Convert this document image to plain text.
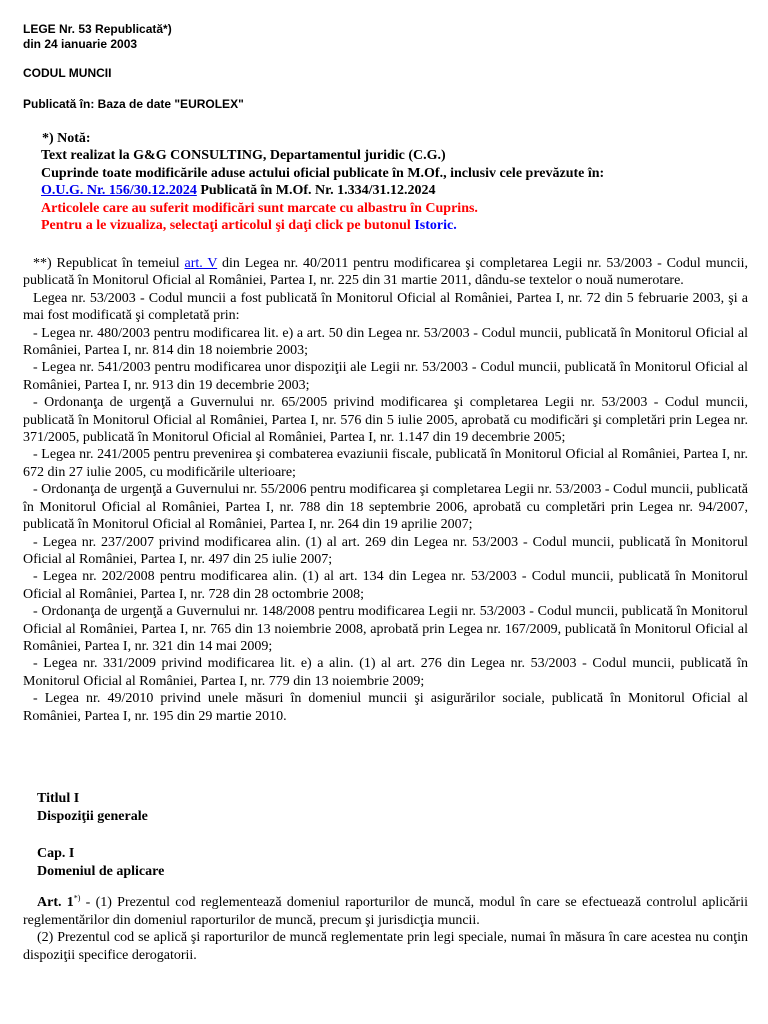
LEGE Nr. 53 Republicată*)
din 24 ianuarie 2003
CODUL MUNCII
Publicată în: Baza de date "EUROLEX"
*) Notă:
Text realizat la G&G CONSULTING, Departamentul juridic (C.G.)
Cuprinde toate modificările aduse actului oficial publicate în M.Of., inclusiv cele prevăzute în:
O.U.G. Nr. 156/30.12.2024 Publicată în M.Of. Nr. 1.334/31.12.2024
Articolele care au suferit modificări sunt marcate cu albastru în Cuprins.
Pentru a le vizualiza, selectaţi articolul şi daţi click pe butonul Istoric.

**) Republicat în temeiul art. V din Legea nr. 40/2011 pentru modificarea şi completarea Legii nr. 53/2003 - Codul muncii, publicată în Monitorul Oficial al României, Partea I, nr. 225 din 31 martie 2011, dându-se textelor o nouă numerotare.

Legea nr. 53/2003 - Codul muncii a fost publicată în Monitorul Oficial al României, Partea I, nr. 72 din 5 februarie 2003, şi a mai fost modificată şi completată prin:

- Legea nr. 480/2003 pentru modificarea lit. e) a art. 50 din Legea nr. 53/2003 - Codul muncii, publicată în Monitorul Oficial al României, Partea I, nr. 814 din 18 noiembrie 2003;

- Legea nr. 541/2003 pentru modificarea unor dispoziţii ale Legii nr. 53/2003 - Codul muncii, publicată în Monitorul Oficial al României, Partea I, nr. 913 din 19 decembrie 2003;

- Ordonanţa de urgenţă a Guvernului nr. 65/2005 privind modificarea şi completarea Legii nr. 53/2003 - Codul muncii, publicată în Monitorul Oficial al României, Partea I, nr. 576 din 5 iulie 2005, aprobată cu modificări şi completări prin Legea nr. 371/2005, publicată în Monitorul Oficial al României, Partea I, nr. 1.147 din 19 decembrie 2005;

- Legea nr. 241/2005 pentru prevenirea şi combaterea evaziunii fiscale, publicată în Monitorul Oficial al României, Partea I, nr. 672 din 27 iulie 2005, cu modificările ulterioare;

- Ordonanţa de urgenţă a Guvernului nr. 55/2006 pentru modificarea şi completarea Legii nr. 53/2003 - Codul muncii, publicată în Monitorul Oficial al României, Partea I, nr. 788 din 18 septembrie 2006, aprobată cu completări prin Legea nr. 94/2007, publicată în Monitorul Oficial al României, Partea I, nr. 264 din 19 aprilie 2007;

- Legea nr. 237/2007 privind modificarea alin. (1) al art. 269 din Legea nr. 53/2003 - Codul muncii, publicată în Monitorul Oficial al României, Partea I, nr. 497 din 25 iulie 2007;

- Legea nr. 202/2008 pentru modificarea alin. (1) al art. 134 din Legea nr. 53/2003 - Codul muncii, publicată în Monitorul Oficial al României, Partea I, nr. 728 din 28 octombrie 2008;

- Ordonanţa de urgenţă a Guvernului nr. 148/2008 pentru modificarea Legii nr. 53/2003 - Codul muncii, publicată în Monitorul Oficial al României, Partea I, nr. 765 din 13 noiembrie 2008, aprobată prin Legea nr. 167/2009, publicată în Monitorul Oficial al României, Partea I, nr. 321 din 14 mai 2009;

- Legea nr. 331/2009 privind modificarea lit. e) a alin. (1) al art. 276 din Legea nr. 53/2003 - Codul muncii, publicată în Monitorul Oficial al României, Partea I, nr. 779 din 13 noiembrie 2009;

- Legea nr. 49/2010 privind unele măsuri în domeniul muncii şi asigurărilor sociale, publicată în Monitorul Oficial al României, Partea I, nr. 195 din 29 martie 2010.

Titlul I
Dispoziţii generale
Cap. I
Domeniul de aplicare

Art. 1*) - (1) Prezentul cod reglementează domeniul raporturilor de muncă, modul în care se efectuează controlul aplicării reglementărilor din domeniul raporturilor de muncă, precum şi jurisdicţia muncii.

(2) Prezentul cod se aplică şi raporturilor de muncă reglementate prin legi speciale, numai în măsura în care acestea nu conţin dispoziţii specifice derogatorii.
